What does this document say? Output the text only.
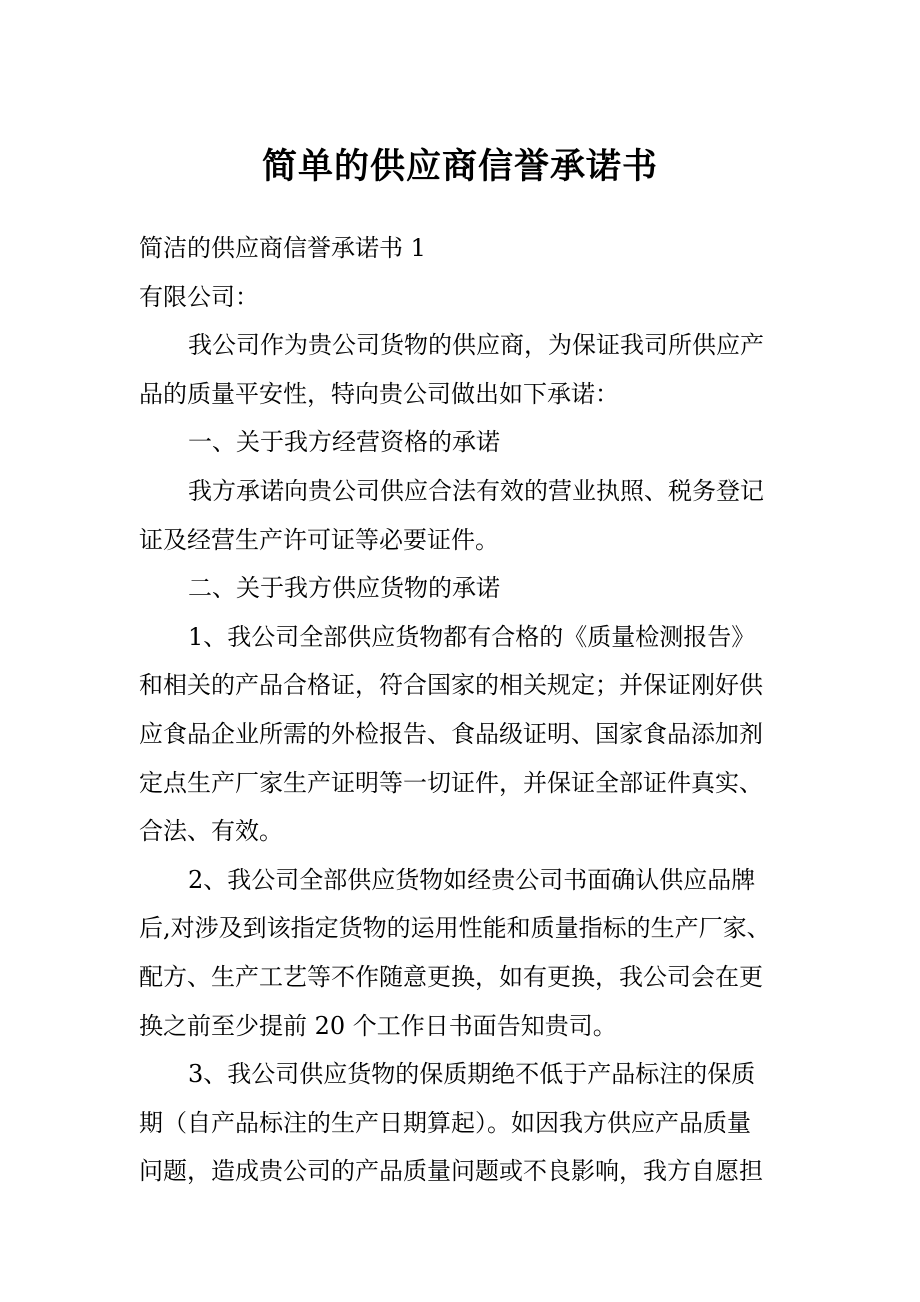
简单的供应商信誉承诺书
简洁的供应商信誉承诺书 1
有限公司：
我公司作为贵公司货物的供应商，为保证我司所供应产
品的质量平安性，特向贵公司做出如下承诺：
一、关于我方经营资格的承诺
我方承诺向贵公司供应合法有效的营业执照、税务登记
证及经营生产许可证等必要证件。
二、关于我方供应货物的承诺
1、我公司全部供应货物都有合格的《质量检测报告》
和相关的产品合格证，符合国家的相关规定；并保证刚好供
应食品企业所需的外检报告、食品级证明、国家食品添加剂
定点生产厂家生产证明等一切证件，并保证全部证件真实、
合法、有效。
2、我公司全部供应货物如经贵公司书面确认供应品牌
后,对涉及到该指定货物的运用性能和质量指标的生产厂家、
配方、生产工艺等不作随意更换，如有更换，我公司会在更
换之前至少提前 20 个工作日书面告知贵司。
3、我公司供应货物的保质期绝不低于产品标注的保质
期（自产品标注的生产日期算起）。如因我方供应产品质量
问题，造成贵公司的产品质量问题或不良影响，我方自愿担
